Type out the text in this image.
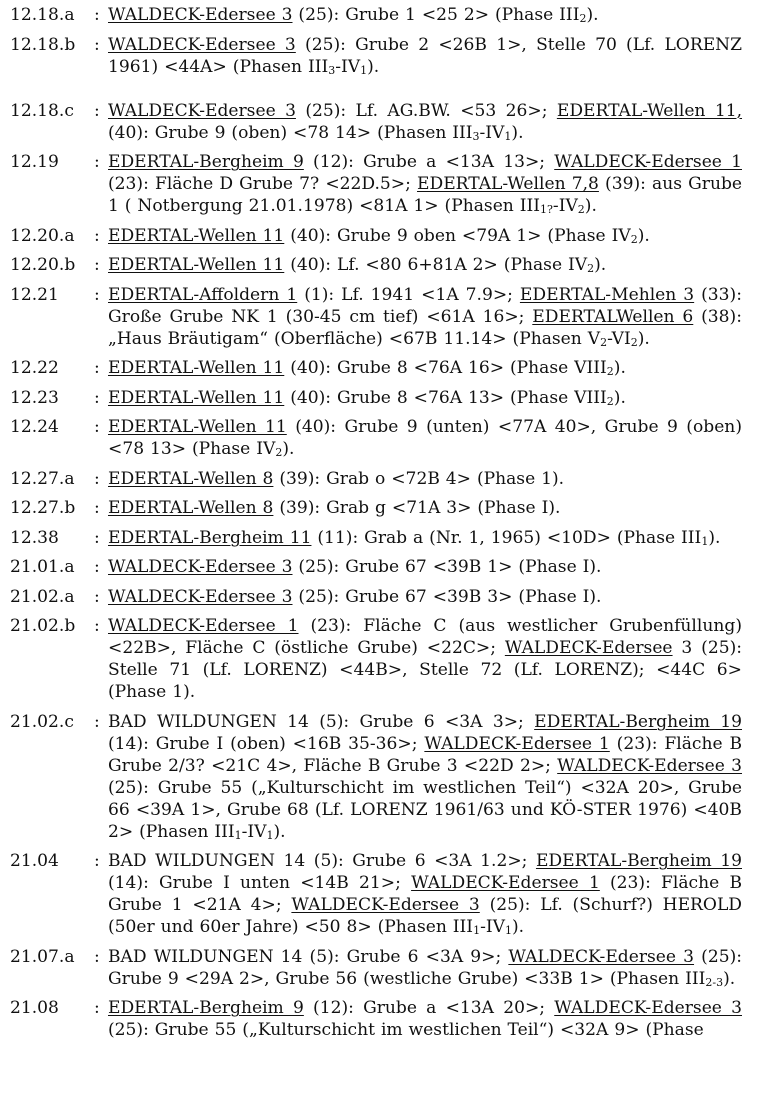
12.18.a	: WALDECK-Edersee 3 (25): Grube 1 <25 2> (Phase $III_2$).
12.18.b	: WALDECK-Edersee 3 (25): Grube 2 <26B 1>, Stelle 70 (Lf. LORENZ 1961) <44A> (Phasen $III_3-IV_1$).
12.18.c	: WALDECK-Edersee 3 (25): Lf. AG.BW. <53 26>; EDERTAL-Wellen 11, (40): Grube 9 (oben) <78 14> (Phasen $III_3-IV_1$).
12.19	: EDERTAL-Bergheim 9 (12): Grube a <13A 13>; WALDECK-Edersee 1 (23): Fläche D Grube 7? <22D.5>; EDERTAL-Wellen 7,8 (39): aus Grube 1 ( Notbergung 21.01.1978) <81A 1> (Phasen $III_{1?}-IV_2$).
12.20.a	: EDERTAL-Wellen 11 (40): Grube 9 oben <79A 1> (Phase $IV_2$).
12.20.b	: EDERTAL-Wellen 11 (40): Lf. <80 6+81A 2> (Phase $IV_2$).
12.21	: EDERTAL-Affoldern 1 (1): Lf. 1941 <1A 7.9>; EDERTAL-Mehlen 3 (33): Große Grube NK 1 (30-45 cm tief) <61A 16>; EDERTALWellen 6 (38): „Haus Bräutigam“ (Oberfläche) <67B 11.14> (Phasen $V_2-VI_2$).
12.22	: EDERTAL-Wellen 11 (40): Grube 8 <76A 16> (Phase $VIII_2$).
12.23	: EDERTAL-Wellen 11 (40): Grube 8 <76A 13> (Phase $VIII_2$).
12.24	: EDERTAL-Wellen 11 (40): Grube 9 (unten) <77A 40>, Grube 9 (oben) <78 13> (Phase $IV_2$).
12.27.a	: EDERTAL-Wellen 8 (39): Grab o <72B 4> (Phase 1).
12.27.b	: EDERTAL-Wellen 8 (39): Grab g <71A 3> (Phase I).
12.38	: EDERTAL-Bergheim 11 (11): Grab a (Nr. 1, 1965) <10D> (Phase $III_1$).
21.01.a	: WALDECK-Edersee 3 (25): Grube 67 <39B 1> (Phase I).
21.02.a	: WALDECK-Edersee 3 (25): Grube 67 <39B 3> (Phase I).
21.02.b	: WALDECK-Edersee 1 (23): Fläche C (aus westlicher Grubenfüllung) <22B>, Fläche C (östliche Grube) <22C>; WALDECK-Edersee 3 (25): Stelle 71 (Lf. LORENZ) <44B>, Stelle 72 (Lf. LORENZ); <44C 6> (Phase 1).
21.02.c	: BAD WILDUNGEN 14 (5): Grube 6 <3A 3>; EDERTAL-Bergheim 19 (14): Grube I (oben) <16B 35-36>; WALDECK-Edersee 1 (23): Fläche B Grube 2/3? <21C 4>, Fläche B Grube 3 <22D 2>; WALDECK-Edersee 3 (25): Grube 55 („Kulturschicht im westlichen Teil“) <32A 20>, Grube 66 <39A 1>, Grube 68 (Lf. LORENZ 1961/63 und KÖ-STER 1976) <40B 2> (Phasen $III_1-IV_1$).
21.04	: BAD WILDUNGEN 14 (5): Grube 6 <3A 1.2>; EDERTAL-Bergheim 19 (14): Grube I unten <14B 21>; WALDECK-Edersee 1 (23): Fläche B Grube 1 <21A 4>; WALDECK-Edersee 3 (25): Lf. (Schurf?) HEROLD (50er und 60er Jahre) <50 8> (Phasen $III_1-IV_1$).
21.07.a	: BAD WILDUNGEN 14 (5): Grube 6 <3A 9>; WALDECK-Edersee 3 (25): Grube 9 <29A 2>, Grube 56 (westliche Grube) <33B 1> (Phasen $III_{2-3}$).
21.08	: EDERTAL-Bergheim 9 (12): Grube a <13A 20>; WALDECK-Edersee 3 (25): Grube 55 („Kulturschicht im westlichen Teil“) <32A 9> (Phase
